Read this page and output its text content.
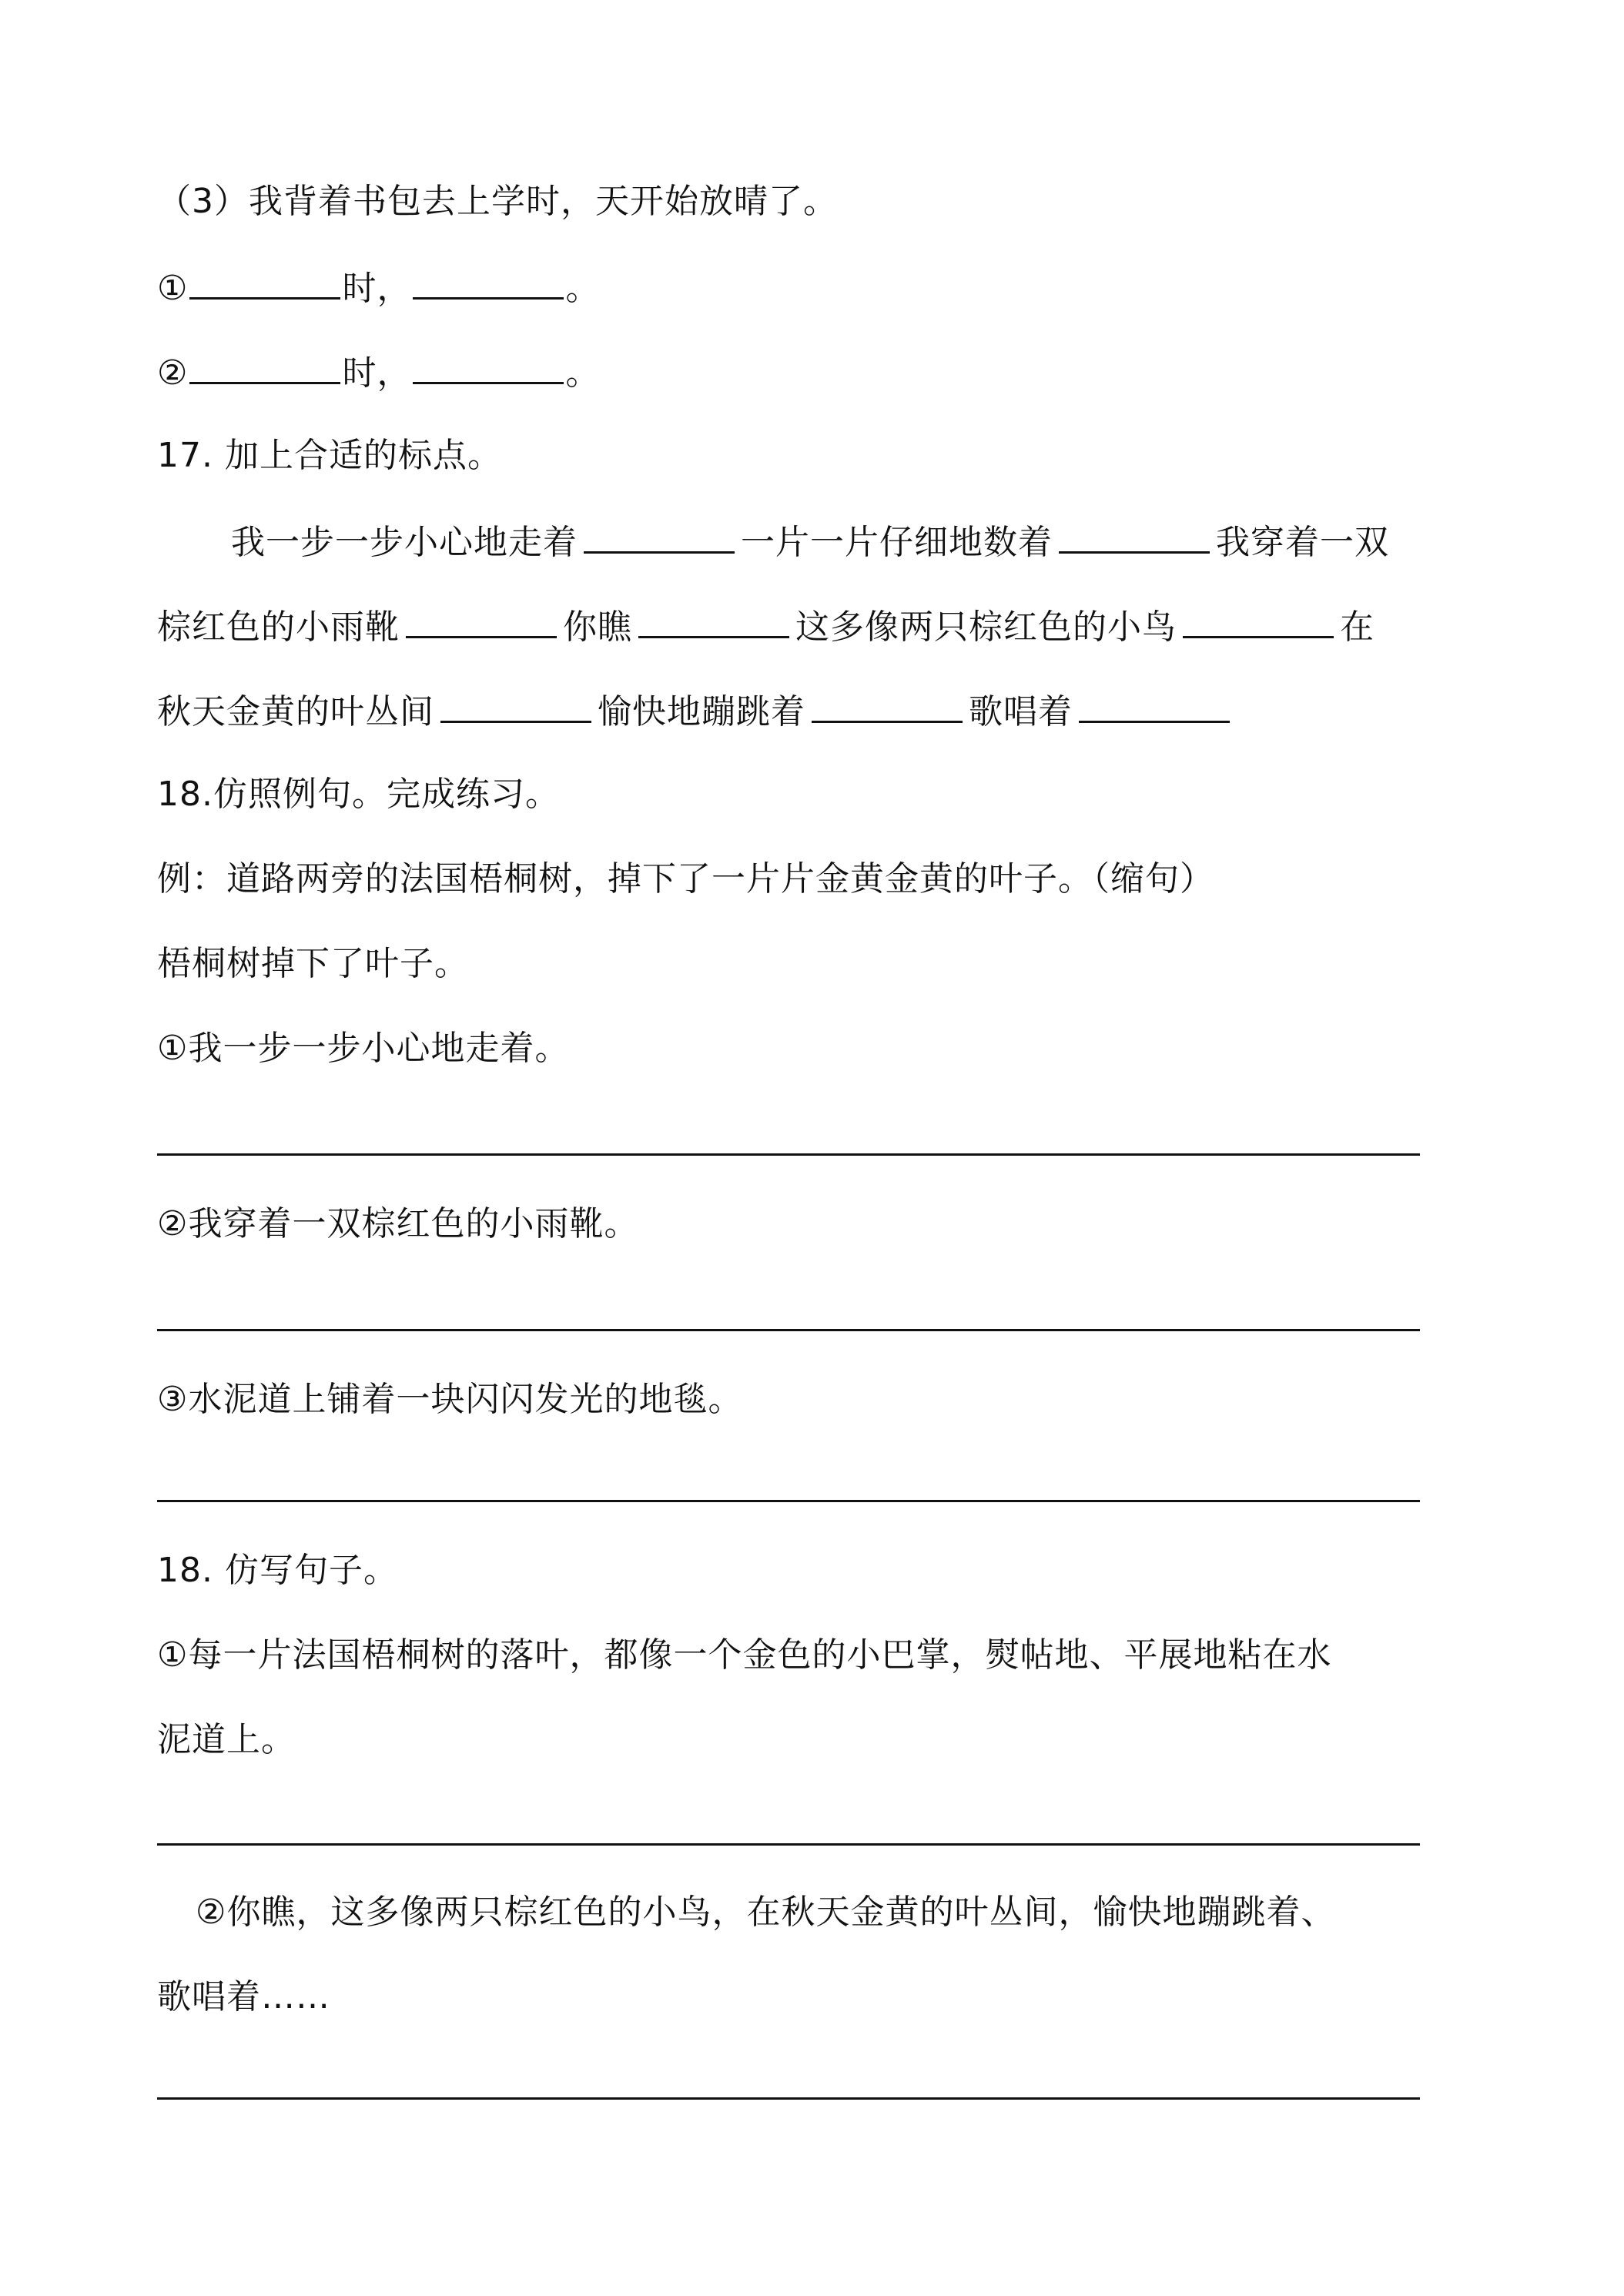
（3）我背着书包去上学时，天开始放晴了。
①	时，	。
②	时，	。
17. 加上合适的标点。
我一步一步小心地走着	一片一片仔细地数着	我穿着一双
棕红色的小雨靴	你瞧	这多像两只棕红色的小鸟	在
秋天金黄的叶丛间	愉快地蹦跳着	歌唱着
18.仿照例句。完成练习。
例：道路两旁的法国梧桐树，掉下了一片片金黄金黄的叶子。（缩句）
梧桐树掉下了叶子。
①我一步一步小心地走着。
②我穿着一双棕红色的小雨靴。
③水泥道上铺着一块闪闪发光的地毯。
18. 仿写句子。
①每一片法国梧桐树的落叶，都像一个金色的小巴掌，熨帖地、平展地粘在水
泥道上。
②你瞧，这多像两只棕红色的小鸟，在秋天金黄的叶丛间，愉快地蹦跳着、
歌唱着……
